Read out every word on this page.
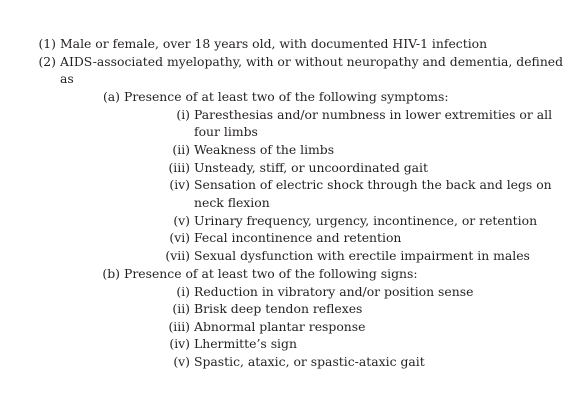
(1) Male or female, over 18 years old, with documented HIV-1 infection
(2) AIDS-associated myelopathy, with or without neuropathy and dementia, defined
as
(a) Presence of at least two of the following symptoms:
(i) Paresthesias and/or numbness in lower extremities or all
four limbs
(ii) Weakness of the limbs
(iii) Unsteady, stiff, or uncoordinated gait
(iv) Sensation of electric shock through the back and legs on
neck flexion
(v) Urinary frequency, urgency, incontinence, or retention
(vi) Fecal incontinence and retention
(vii) Sexual dysfunction with erectile impairment in males
(b) Presence of at least two of the following signs:
(i) Reduction in vibratory and/or position sense
(ii) Brisk deep tendon reflexes
(iii) Abnormal plantar response
(iv) Lhermitte’s sign
(v) Spastic, ataxic, or spastic-ataxic gait
